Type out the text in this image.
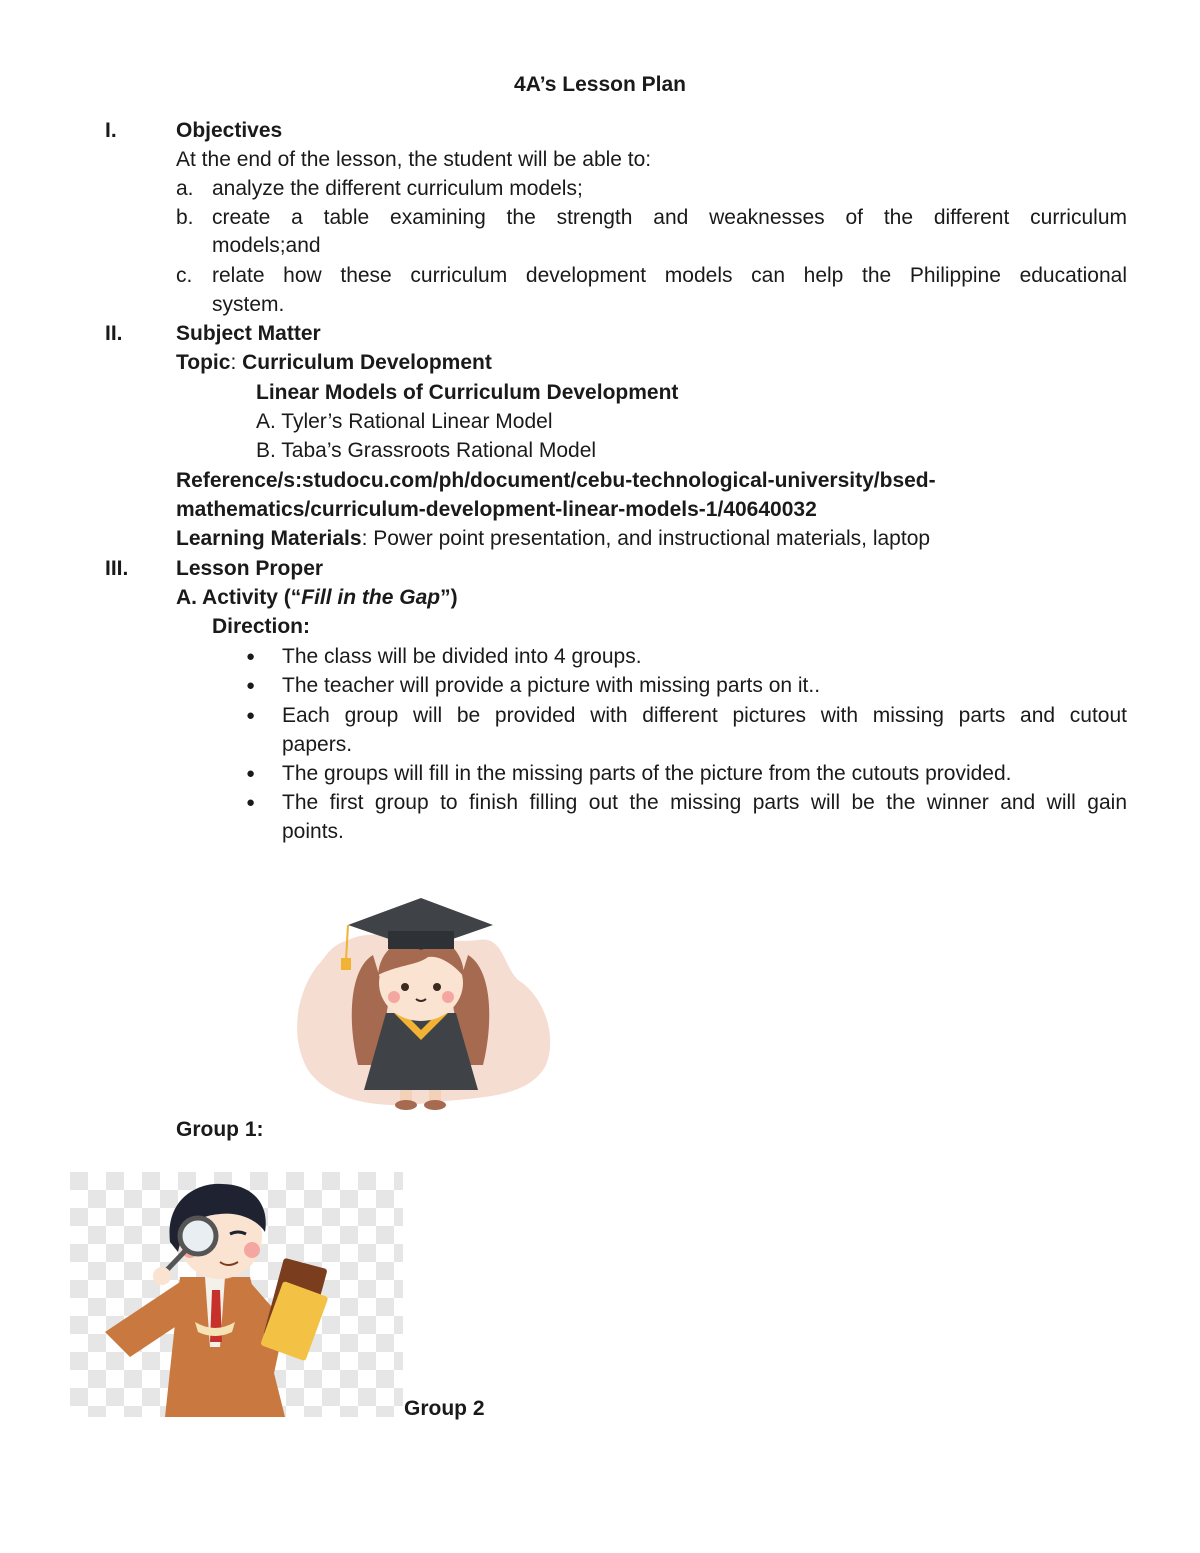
4A’s Lesson Plan
I.	Objectives
At the end of the lesson, the student will be able to:
a. analyze the different curriculum models;
b. create a table examining the strength and weaknesses of the different curriculum
models;and
c. relate how these curriculum development models can help the Philippine educational
system.
II.	Subject Matter
Topic: Curriculum Development
Linear Models of Curriculum Development
A. Tyler’s Rational Linear Model
B. Taba’s Grassroots Rational Model
Reference/s:studocu.com/ph/document/cebu-technological-university/bsed-
mathematics/curriculum-development-linear-models-1/40640032
Learning Materials: Power point presentation, and instructional materials, laptop
III. Lesson Proper
A. Activity (“Fill in the Gap”)
Direction:
● The class will be divided into 4 groups.
● The teacher will provide a picture with missing parts on it..
● Each group will be provided with different pictures with missing parts and cutout
papers.
● The groups will fill in the missing parts of the picture from the cutouts provided.
● The first group to finish filling out the missing parts will be the winner and will gain
points.
Group 1:
Group 2
